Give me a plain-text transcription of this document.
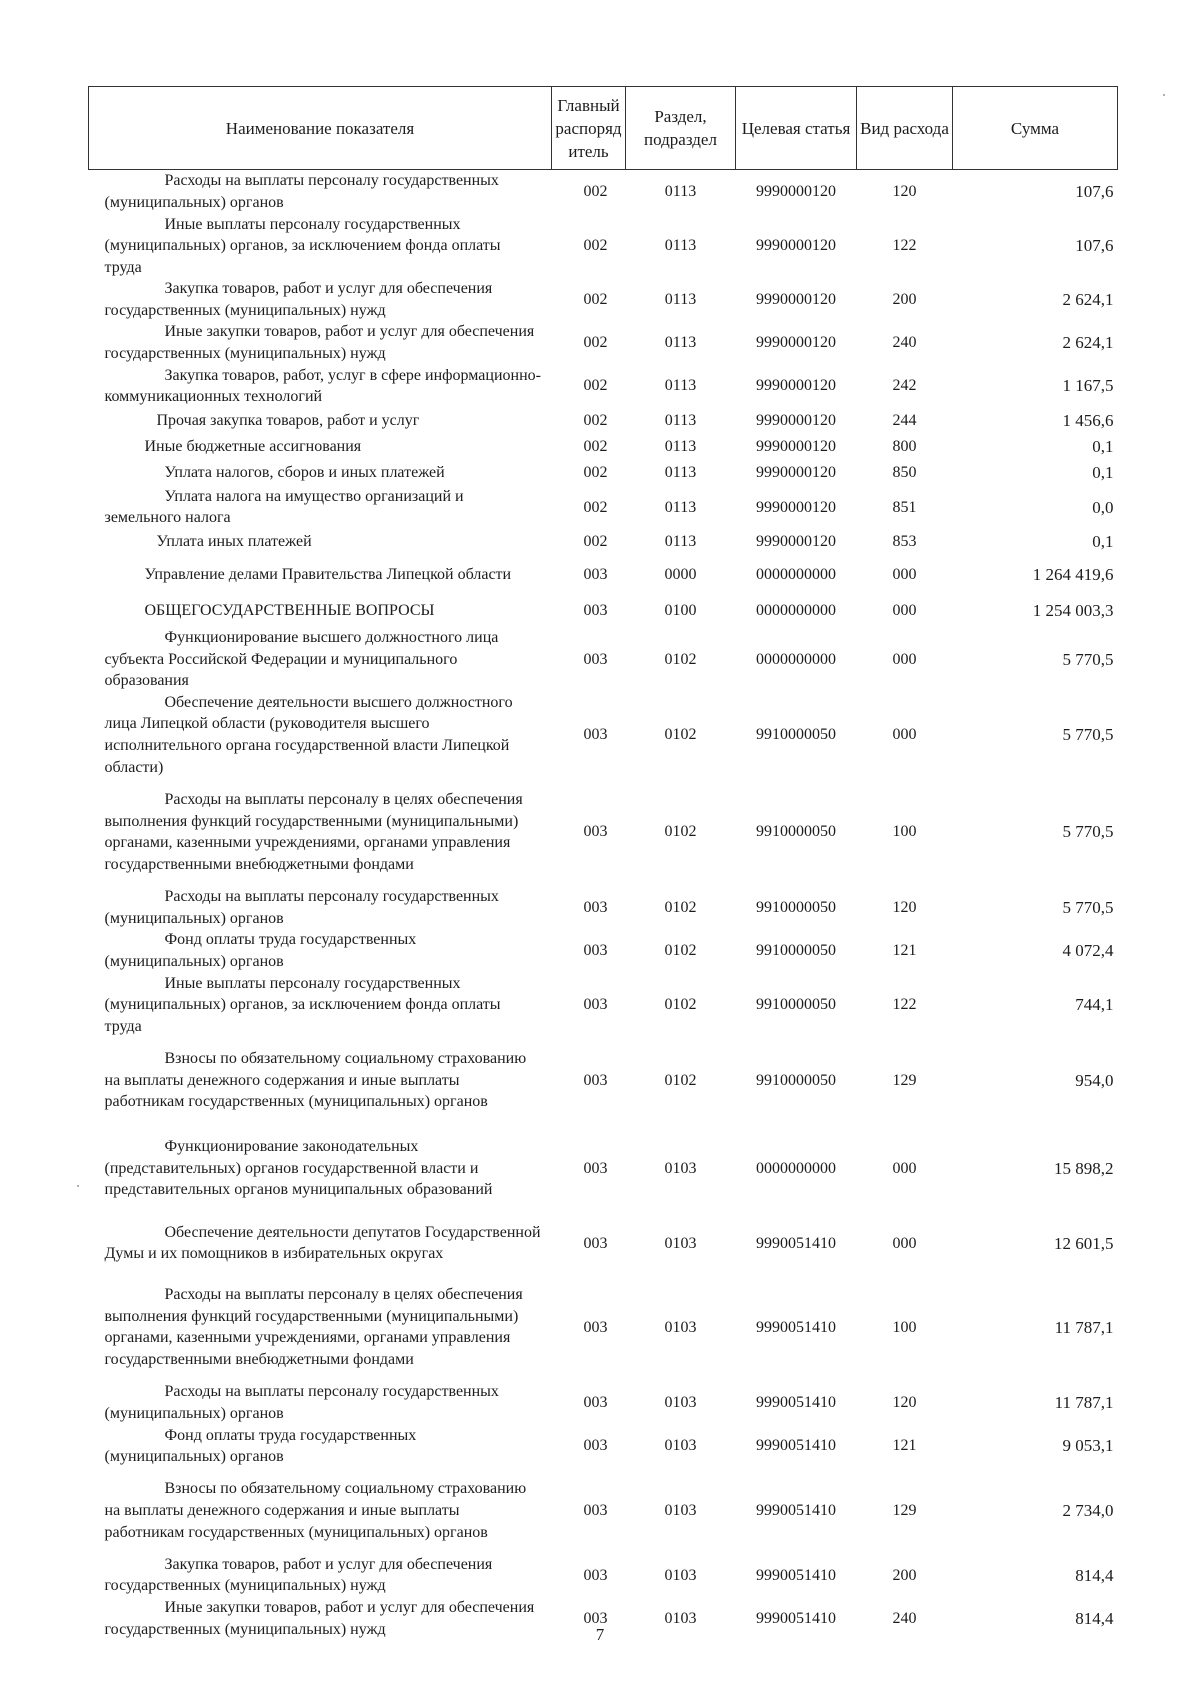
Наименование показателя	Главный распоряд итель	Раздел, подраздел	Целевая статья	Вид расхода	Сумма

Расходы на выплаты персоналу государственных (муниципальных) органов	002	0113	9990000120	120	107,6

Иные выплаты персоналу государственных (муниципальных) органов, за исключением фонда оплаты труда	002	0113	9990000120	122	107,6

Закупка товаров, работ и услуг для обеспечения государственных (муниципальных) нужд	002	0113	9990000120	200	2 624,1

Иные закупки товаров, работ и услуг для обеспечения государственных (муниципальных) нужд	002	0113	9990000120	240	2 624,1

Закупка товаров, работ, услуг в сфере информационно-коммуникационных технологий	002	0113	9990000120	242	1 167,5

Прочая закупка товаров, работ и услуг	002	0113	9990000120	244	1 456,6

Иные бюджетные ассигнования	002	0113	9990000120	800	0,1

Уплата налогов, сборов и иных платежей	002	0113	9990000120	850	0,1

Уплата налога на имущество организаций и земельного налога	002	0113	9990000120	851	0,0

Уплата иных платежей	002	0113	9990000120	853	0,1

Управление делами Правительства Липецкой области	003	0000	0000000000	000	1 264 419,6

ОБЩЕГОСУДАРСТВЕННЫЕ ВОПРОСЫ	003	0100	0000000000	000	1 254 003,3

Функционирование высшего должностного лица субъекта Российской Федерации и муниципального образования	003	0102	0000000000	000	5 770,5

Обеспечение деятельности высшего должностного лица Липецкой области (руководителя высшего исполнительного органа государственной власти Липецкой области)	003	0102	9910000050	000	5 770,5

Расходы на выплаты персоналу в целях обеспечения выполнения функций государственными (муниципальными) органами, казенными учреждениями, органами управления государственными внебюджетными фондами	003	0102	9910000050	100	5 770,5

Расходы на выплаты персоналу государственных (муниципальных) органов	003	0102	9910000050	120	5 770,5

Фонд оплаты труда государственных (муниципальных) органов	003	0102	9910000050	121	4 072,4

Иные выплаты персоналу государственных (муниципальных) органов, за исключением фонда оплаты труда	003	0102	9910000050	122	744,1

Взносы по обязательному социальному страхованию на выплаты денежного содержания и иные выплаты работникам государственных (муниципальных) органов	003	0102	9910000050	129	954,0

Функционирование законодательных (представительных) органов государственной власти и представительных органов муниципальных образований	003	0103	0000000000	000	15 898,2

Обеспечение деятельности депутатов Государственной Думы и их помощников в избирательных округах	003	0103	9990051410	000	12 601,5

Расходы на выплаты персоналу в целях обеспечения выполнения функций государственными (муниципальными) органами, казенными учреждениями, органами управления государственными внебюджетными фондами	003	0103	9990051410	100	11 787,1

Расходы на выплаты персоналу государственных (муниципальных) органов	003	0103	9990051410	120	11 787,1

Фонд оплаты труда государственных (муниципальных) органов	003	0103	9990051410	121	9 053,1

Взносы по обязательному социальному страхованию на выплаты денежного содержания и иные выплаты работникам государственных (муниципальных) органов	003	0103	9990051410	129	2 734,0

Закупка товаров, работ и услуг для обеспечения государственных (муниципальных) нужд	003	0103	9990051410	200	814,4

Иные закупки товаров, работ и услуг для обеспечения государственных (муниципальных) нужд	003	0103	9990051410	240	814,4
7
